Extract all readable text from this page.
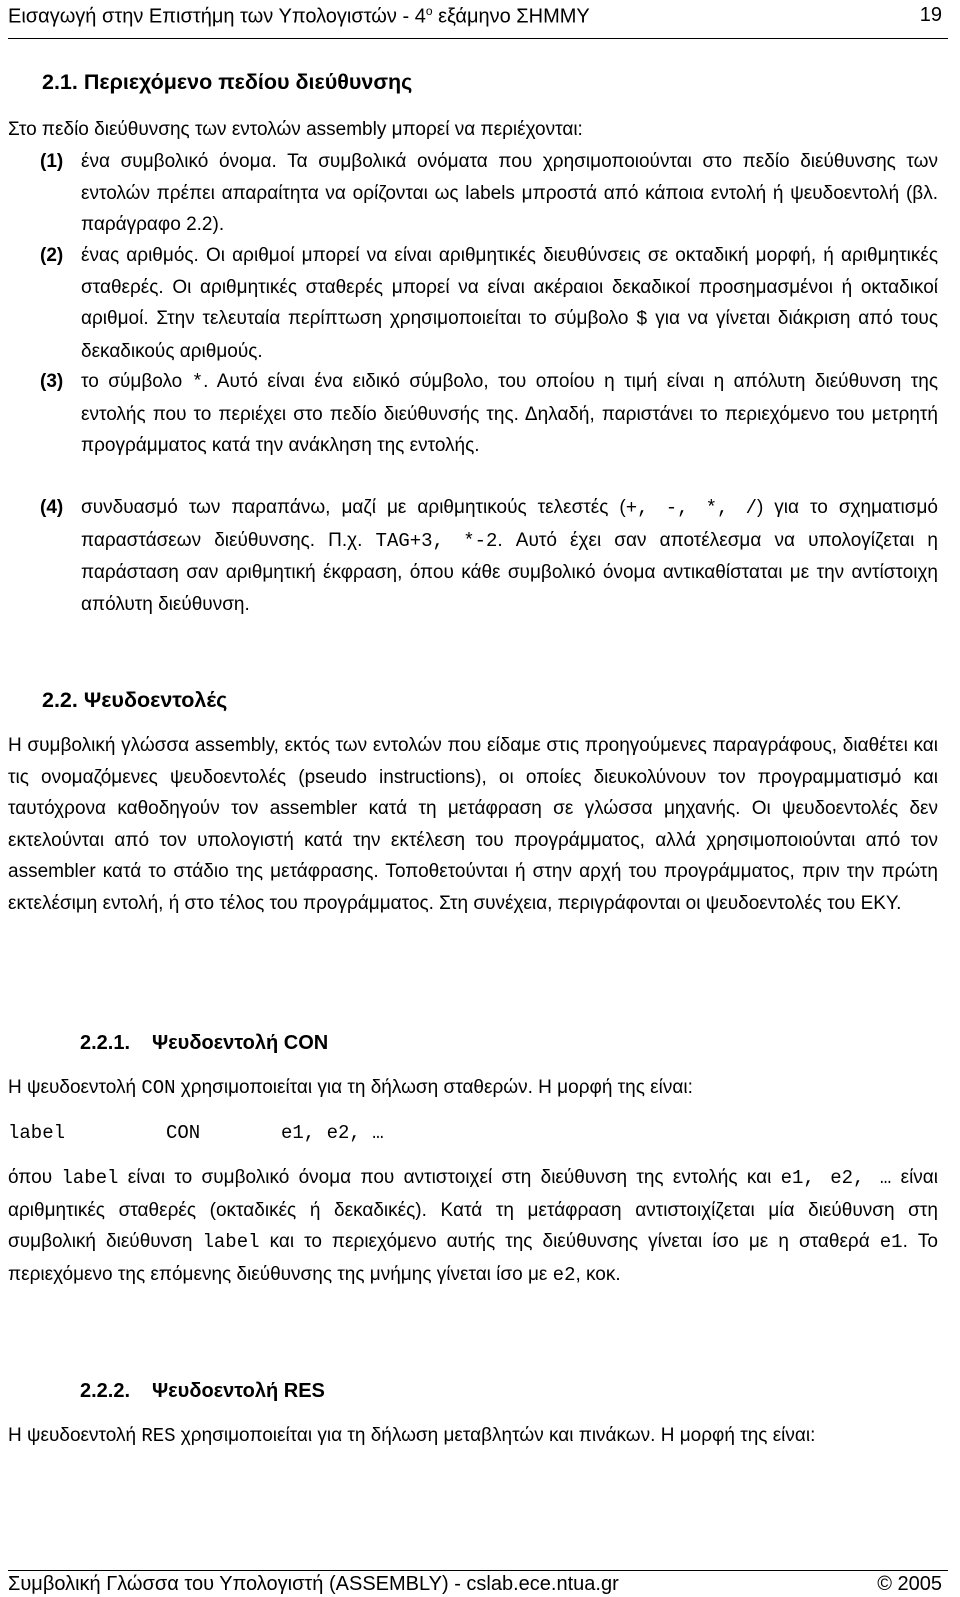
Εισαγωγή στην Επιστήμη των Υπολογιστών - $4^o$ εξάμηνο ΣΗΜΜΥ	19
2.1. Περιεχόμενο πεδίου διεύθυνσης

Στο πεδίο διεύθυνσης των εντολών assembly μπορεί να περιέχονται:

(1) ένα συμβολικό όνομα. Τα συμβολικά ονόματα που χρησιμοποιούνται στο πεδίο διεύθυνσης των εντολών πρέπει απαραίτητα να ορίζονται ως labels μπροστά από κάποια εντολή ή ψευδοεντολή (βλ. παράγραφο 2.2).
(2) ένας αριθμός. Οι αριθμοί μπορεί να είναι αριθμητικές διευθύνσεις σε οκταδική μορφή, ή αριθμητικές σταθερές. Οι αριθμητικές σταθερές μπορεί να είναι ακέραιοι δεκαδικοί προσημασμένοι ή οκταδικοί αριθμοί. Στην τελευταία περίπτωση χρησιμοποιείται το σύμβολο $ για να γίνεται διάκριση από τους δεκαδικούς αριθμούς.
(3) το σύμβολο *. Αυτό είναι ένα ειδικό σύμβολο, του οποίου η τιμή είναι η απόλυτη διεύθυνση της εντολής που το περιέχει στο πεδίο διεύθυνσής της. Δηλαδή, παριστάνει το περιεχόμενο του μετρητή προγράμματος κατά την ανάκληση της εντολής.
(4) συνδυασμό των παραπάνω, μαζί με αριθμητικούς τελεστές (+, -, *, /) για το σχηματισμό παραστάσεων διεύθυνσης. Π.χ. TAG+3, *-2. Αυτό έχει σαν αποτέλεσμα να υπολογίζεται η παράσταση σαν αριθμητική έκφραση, όπου κάθε συμβολικό όνομα αντικαθίσταται με την αντίστοιχη απόλυτη διεύθυνση.
2.2. Ψευδοεντολές

Η συμβολική γλώσσα assembly, εκτός των εντολών που είδαμε στις προηγούμενες παραγράφους, διαθέτει και τις ονομαζόμενες ψευδοεντολές (pseudo instructions), οι οποίες διευκολύνουν τον προγραμματισμό και ταυτόχρονα καθοδηγούν τον assembler κατά τη μετάφραση σε γλώσσα μηχανής. Οι ψευδοεντολές δεν εκτελούνται από τον υπολογιστή κατά την εκτέλεση του προγράμματος, αλλά χρησιμοποιούνται από τον assembler κατά το στάδιο της μετάφρασης. Τοποθετούνται ή στην αρχή του προγράμματος, πριν την πρώτη εκτελέσιμη εντολή, ή στο τέλος του προγράμματος. Στη συνέχεια, περιγράφονται οι ψευδοεντολές του ΕΚΥ.

2.2.1. Ψευδοεντολή CON

Η ψευδοεντολή CON χρησιμοποιείται για τη δήλωση σταθερών. Η μορφή της είναι:

label	CON	e1, e2, …

όπου label είναι το συμβολικό όνομα που αντιστοιχεί στη διεύθυνση της εντολής και e1, e2, … είναι αριθμητικές σταθερές (οκταδικές ή δεκαδικές). Κατά τη μετάφραση αντιστοιχίζεται μία διεύθυνση στη συμβολική διεύθυνση label και το περιεχόμενο αυτής της διεύθυνσης γίνεται ίσο με η σταθερά e1. Το περιεχόμενο της επόμενης διεύθυνσης της μνήμης γίνεται ίσο με e2, κοκ.

2.2.2. Ψευδοεντολή RES

Η ψευδοεντολή RES χρησιμοποιείται για τη δήλωση μεταβλητών και πινάκων. Η μορφή της είναι:

Συμβολική Γλώσσα του Υπολογιστή (ASSEMBLY) - cslab.ece.ntua.gr	© 2005
